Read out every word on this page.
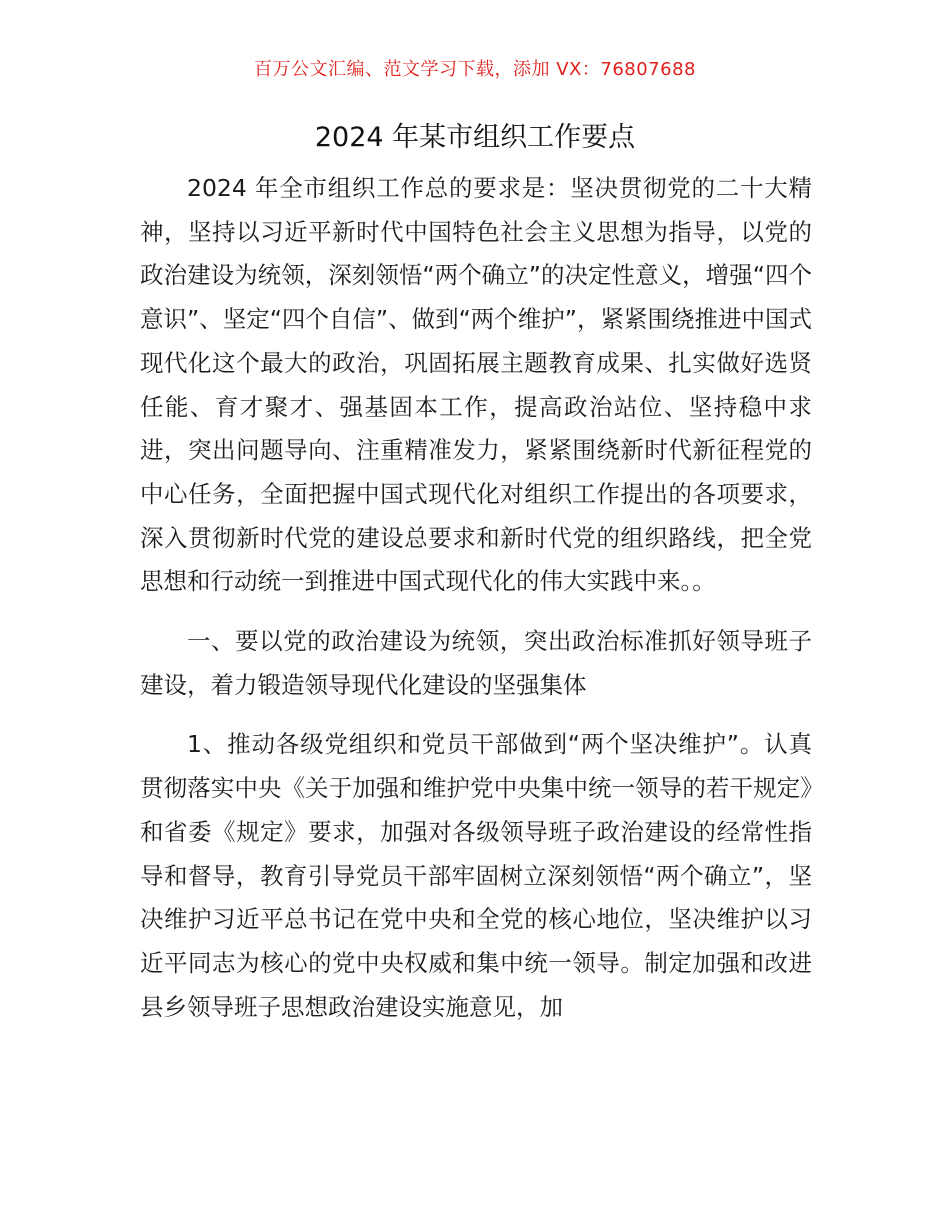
百万公文汇编、范文学习下载，添加 VX：76807688
2024 年某市组织工作要点

2024 年全市组织工作总的要求是：坚决贯彻党的二十大精神，坚持以习近平新时代中国特色社会主义思想为指导，以党的政治建设为统领，深刻领悟“两个确立”的决定性意义，增强“四个意识”、坚定“四个自信”、做到“两个维护”，紧紧围绕推进中国式现代化这个最大的政治，巩固拓展主题教育成果、扎实做好选贤任能、育才聚才、强基固本工作，提高政治站位、坚持稳中求进，突出问题导向、注重精准发力，紧紧围绕新时代新征程党的中心任务，全面把握中国式现代化对组织工作提出的各项要求，深入贯彻新时代党的建设总要求和新时代党的组织路线，把全党思想和行动统一到推进中国式现代化的伟大实践中来。。

一、要以党的政治建设为统领，突出政治标准抓好领导班子建设，着力锻造领导现代化建设的坚强集体

1、推动各级党组织和党员干部做到“两个坚决维护”。认真贯彻落实中央《关于加强和维护党中央集中统一领导的若干规定》和省委《规定》要求，加强对各级领导班子政治建设的经常性指导和督导，教育引导党员干部牢固树立深刻领悟“两个确立”，坚决维护习近平总书记在党中央和全党的核心地位，坚决维护以习近平同志为核心的党中央权威和集中统一领导。制定加强和改进县乡领导班子思想政治建设实施意见，加
